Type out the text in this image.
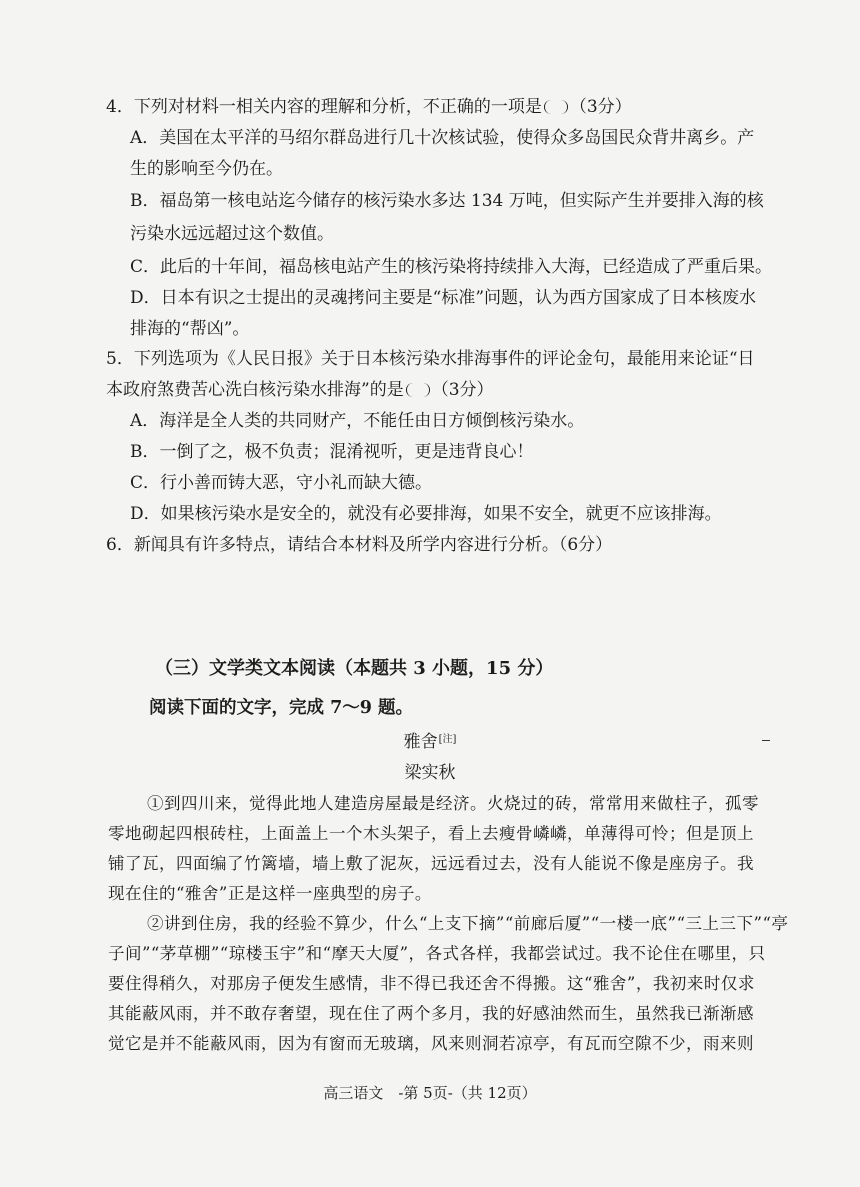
4．下列对材料一相关内容的理解和分析，不正确的一项是 （3分）
A．美国在太平洋的马绍尔群岛进行几十次核试验，使得众多岛国民众背井离乡。产
生的影响至今仍在。
B．福岛第一核电站迄今储存的核污染水多达 134 万吨，但实际产生并要排入海的核
污染水远远超过这个数值。
C．此后的十年间，福岛核电站产生的核污染将持续排入大海，已经造成了严重后果。
D．日本有识之士提出的灵魂拷问主要是“标准”问题，认为西方国家成了日本核废水
排海的“帮凶”。
5．下列选项为《人民日报》关于日本核污染水排海事件的评论金句，最能用来论证“日
本政府煞费苦心洗白核污染水排海”的是 （3分）
A．海洋是全人类的共同财产，不能任由日方倾倒核污染水。
B．一倒了之，极不负责；混淆视听，更是违背良心！
C．行小善而铸大恶，守小礼而缺大德。
D．如果核污染水是安全的，就没有必要排海，如果不安全，就更不应该排海。
6．新闻具有许多特点，请结合本材料及所学内容进行分析。（6分）
（三）文学类文本阅读（本题共 3 小题，15 分）
阅读下面的文字，完成 7～9 题。
雅舍[注]
梁实秋
①到四川来，觉得此地人建造房屋最是经济。火烧过的砖，常常用来做柱子，孤零
零地砌起四根砖柱，上面盖上一个木头架子，看上去瘦骨嶙嶙，单薄得可怜；但是顶上
铺了瓦，四面编了竹篱墙，墙上敷了泥灰，远远看过去，没有人能说不像是座房子。我
现在住的“雅舍”正是这样一座典型的房子。
②讲到住房，我的经验不算少，什么“上支下摘”“前廊后厦”“一楼一底”“三上三下”“亭
子间”“茅草棚”“琼楼玉宇”和“摩天大厦”，各式各样，我都尝试过。我不论住在哪里，只
要住得稍久，对那房子便发生感情，非不得已我还舍不得搬。这“雅舍”，我初来时仅求
其能蔽风雨，并不敢存奢望，现在住了两个多月，我的好感油然而生，虽然我已渐渐感
觉它是并不能蔽风雨，因为有窗而无玻璃，风来则洞若凉亭，有瓦而空隙不少，雨来则
高三语文　-第 5页-（共 12页）
